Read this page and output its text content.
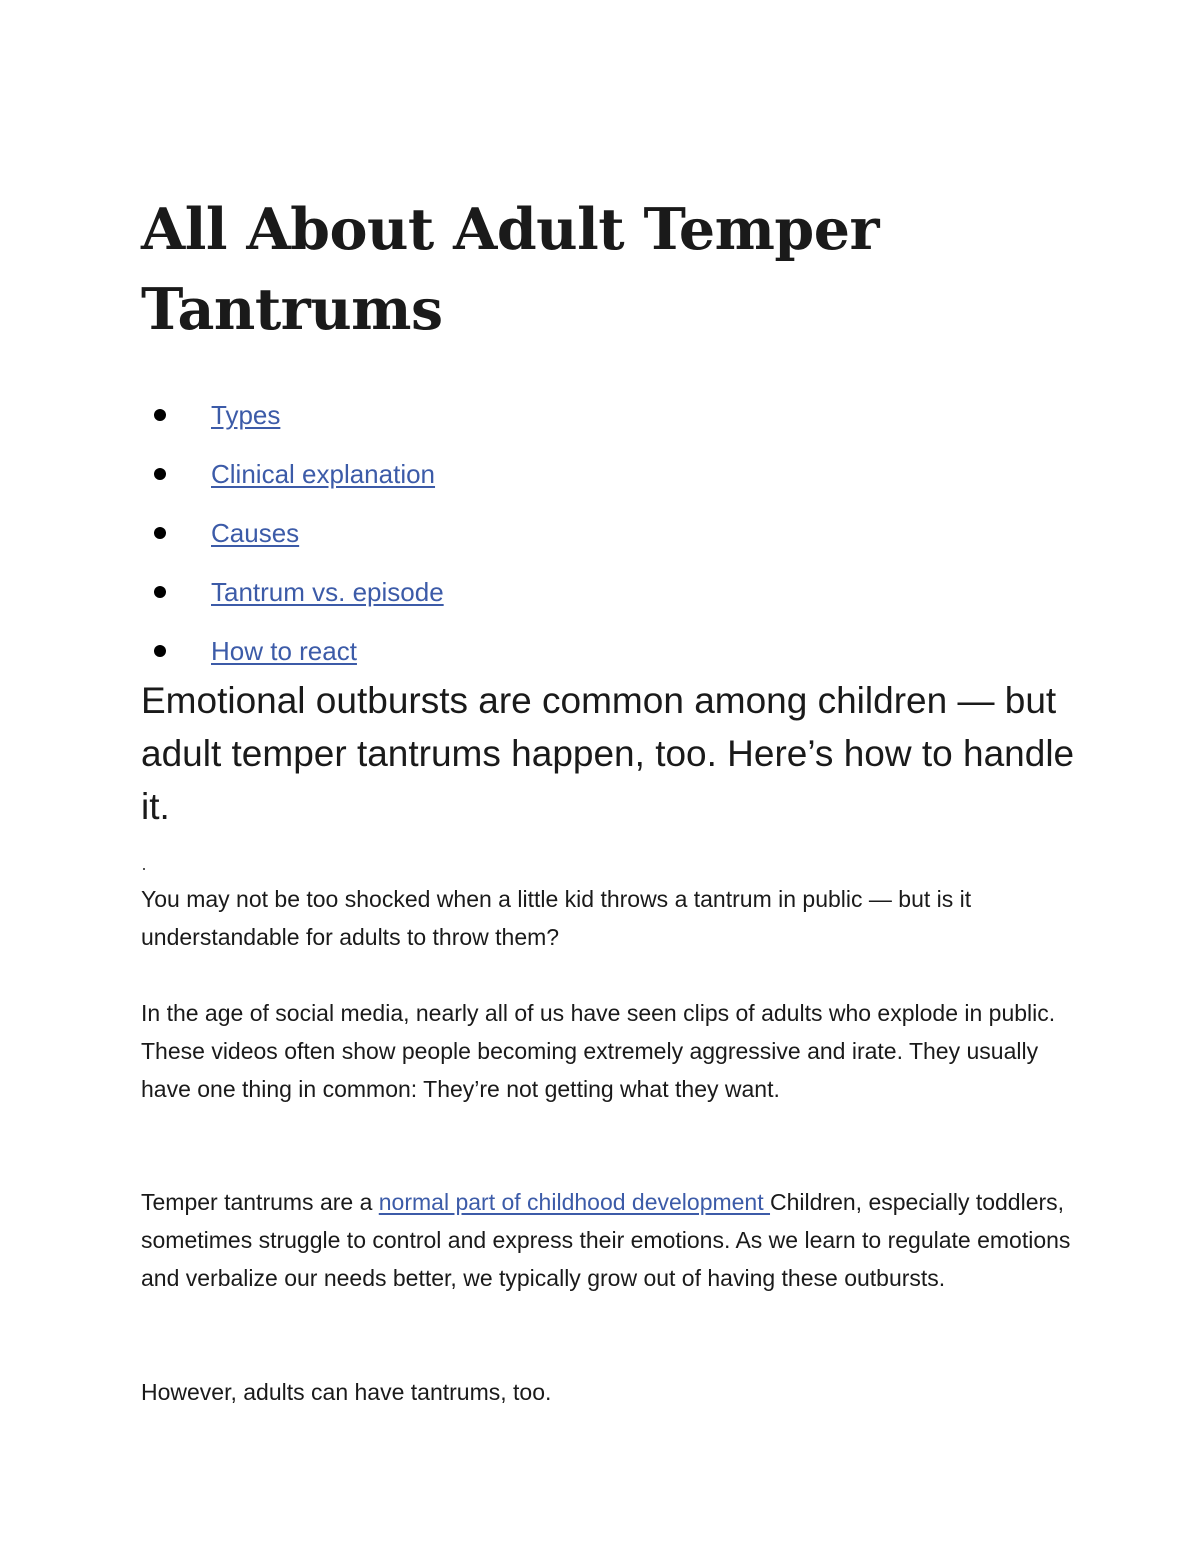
All About Adult Temper Tantrums
Types
Clinical explanation
Causes
Tantrum vs. episode
How to react
Emotional outbursts are common among children — but adult temper tantrums happen, too. Here’s how to handle it.

You may not be too shocked when a little kid throws a tantrum in public — but is it understandable for adults to throw them?

In the age of social media, nearly all of us have seen clips of adults who explode in public. These videos often show people becoming extremely aggressive and irate. They usually have one thing in common: They’re not getting what they want.

Temper tantrums are a normal part of childhood development Children, especially toddlers, sometimes struggle to control and express their emotions. As we learn to regulate emotions and verbalize our needs better, we typically grow out of having these outbursts.

However, adults can have tantrums, too.
